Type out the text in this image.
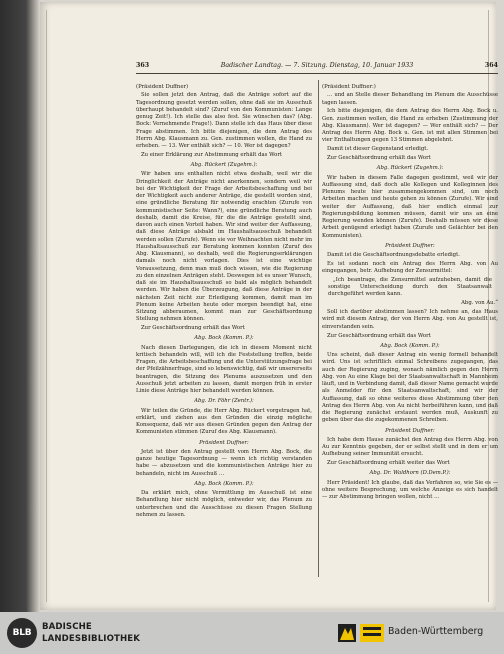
363	Badischer Landtag. — 7. Sitzung. Dienstag, 10. Januar 1933	364

(Präsident Duffner)

Sie sollen jetzt den Antrag, daß die Anträge sofort auf die Tagesordnung gesetzt werden sollen, ohne daß sie im Ausschuß überhaupt behandelt sind? (Zuruf von den Kommunisten: Lange genug Zeit!). Ich stelle das also fest. Sie wünschen das? (Abg. Bock: Vernehmende Frage!). Dann stelle ich das Haus über diese Frage abstimmen. Ich bitte diejenigen, die dem Antrag des Herrn Abg. Klausmann zu. Gen. zustimmen wollen, die Hand zu erheben. — 13. Wer enthält sich? — 10. Wer ist dagegen?

Zu einer Erklärung zur Abstimmung erhält das Wort

Abg. Rückert (Zugehm.):

Wir haben uns enthalten nicht etwa deshalb, weil wir die Dringlichkeit der Anträge nicht anerkennen, sondern weil wir bei der Wichtigkeit der Frage der Arbeitsbeschaffung und bei der Wichtigkeit auch anderer Anträge, die gestellt worden sind, eine gründliche Beratung für notwendig erachten (Zurufe von kommunistischer Seite: Wann?), eine gründliche Beratung auch deshalb, damit die Kreise, für die die Anträge gestellt sind, davon auch einen Vorteil haben. Wir sind weiter der Auffassung, daß diese Anträge alsbald im Haushaltsausschuß behandelt werden sollen (Zurufe). Wenn sie vor Weihnachten nicht mehr im Haushaltsausschuß zur Beratung kommen konnten (Zuruf des Abg. Klausmann), so deshalb, weil die Regierungserklärungen damals noch nicht vorlagen. Dies ist eine wichtige Voraussetzung, denn man muß doch wissen, wie die Regierung zu den einzelnen Anträgen steht. Deswegen ist es unser Wunsch, daß sie im Haushaltsausschuß so bald als möglich behandelt werden. Wir haben die Überzeugung, daß diese Anträge in der nächsten Zeit nicht zur Erledigung kommen, damit man im Plenum keine Arbeiten heute oder morgen beendigt hat, eine Sitzung abberaumen, kommt man zur Geschäftsordnung Stellung nehmen können.

Zur Geschäftsordnung erhält das Wort

Abg. Bock (Komm. P.):

Nach diesen Darlegungen, die ich in diesem Moment nicht kritisch behandeln will, will ich die Feststellung treffen, beide Fragen, die Arbeitsbeschaffung und die Unterstützungsfrage bei der Pfeilzähnerfrage, sind so lebenswichtig, daß wir unsererseits beantragen, die Sitzung des Plenums auszusetzen und den Ausschuß jetzt arbeiten zu lassen, damit morgen früh in erster Linie diese Anträge hier behandelt werden können.

Abg. Dr. Föhr (Zentr.):

Wir teilen die Gründe, die Herr Abg. Rückert vorgetragen hat, erklärt, und ziehen aus den Gründen die einzig mögliche Konsequenz, daß wir aus diesen Gründen gegen den Antrag der Kommunisten stimmen (Zuruf des Abg. Klausmann).

Präsident Duffner:

Jetzt ist über den Antrag gestellt vom Herrn Abg. Bock, die ganze heutige Tagesordnung — wenn ich richtig verstanden habe — abzusetzen und die kommunistischen Anträge hier zu behandeln, nicht im Ausschuß …

Abg. Bock (Komm. P.):

Da erklärt mich, ohne Vermittlung im Ausschuß ist eine Behandlung hier nicht möglich, entweder wir, das Plenum zu unterbrechen und die Ausschüsse zu diesen Fragen Stellung nehmen zu lassen.

(Präsident Duffner:)

… und an Stelle dieser Behandlung im Plenum die Ausschüsse tagen lassen.

Ich bitte diejenigen, die dem Antrag des Herrn Abg. Bock u. Gen. zustimmen wollen, die Hand zu erheben (Zustimmung der Abg. Klausmann). Wer ist dagegen? — Wer enthält sich? — Der Antrag des Herrn Abg. Bock u. Gen. ist mit allen Stimmen bei vier Enthaltungen gegen 13 Stimmen abgelehnt.

Damit ist dieser Gegenstand erledigt.

Zur Geschäftsordnung erhält das Wort

Abg. Rückert (Zugehm.):

Wir haben in diesem Falle dagegen gestimmt, weil wir der Auffassung sind, daß doch alle Kollegen und Kolleginnen des Plenums heute hier zusammengekommen sind, um noch Arbeiten machen und heute gehen zu können (Zurufe). Wir sind weiter der Auffassung, daß hier endlich einmal zur Regierungsbildung kommen müssen, damit wir uns an eine Regierung wenden können (Zurufe). Deshalb müssen wir diese Arbeit genügend erledigt haben (Zurufe und Gelächter bei den Kommunisten).

Präsident Duffner:

Damit ist die Geschäftsordnungsdebatte erledigt.

Es ist sodann noch ein Antrag des Herrn Abg. von Au eingegangen, betr. Aufhebung der Zensurmittel:

„Ich beantrage, die Zensurmittel aufzuheben, damit die sonstige Unterscheidung durch den Staatsanwalt durchgeführt werden kann.

Abg. von Au.“

Soll ich darüber abstimmen lassen? Ich nehme an, das Haus wird mit diesem Antrag, der von Herrn Abg. von Au gestellt ist, einverstanden sein.

Zur Geschäftsordnung erhält das Wort

Abg. Bock (Komm. P.):

Uns scheint, daß dieser Antrag ein wenig formell behandelt wird. Uns ist schriftlich einmal Schreibens zugegangen, das auch der Regierung zuging, wonach nämlich gegen den Herrn Abg. von Au eine Klage bei der Staatsanwaltschaft in Mannheim läuft, und in Verbindung damit, daß dieser Name gemacht wurde als Anmelder für den Staatsanwaltschaft, sind wir der Auffassung, daß so ohne weiteres diese Abstimmung über den Antrag des Herrn Abg. von Au nicht herbeiführen kann, und daß die Regierung zunächst erstaunt werden muß, Auskunft zu geben über das die zugekommenen Schreiben.

Präsident Duffner:

Ich habe dem Hause zunächst den Antrag des Herrn Abg. von Au zur Kenntnis gegeben, der er selbst stellt und in dem er um Aufhebung seiner Immunität ersucht.

Zur Geschäftsordnung erhält weiter das Wort

Abg. Dr. Waldhorn (D.Dem.P.):

Herr Präsident! Ich glaube, daß das Verfahren so, wie Sie es — ohne weitere Besprechung, um welche Anzeige es sich handelt — zur Abstimmung bringen wollen, nicht …

BLB
BADISCHE
LANDESBIBLIOTHEK
Baden-Württemberg
